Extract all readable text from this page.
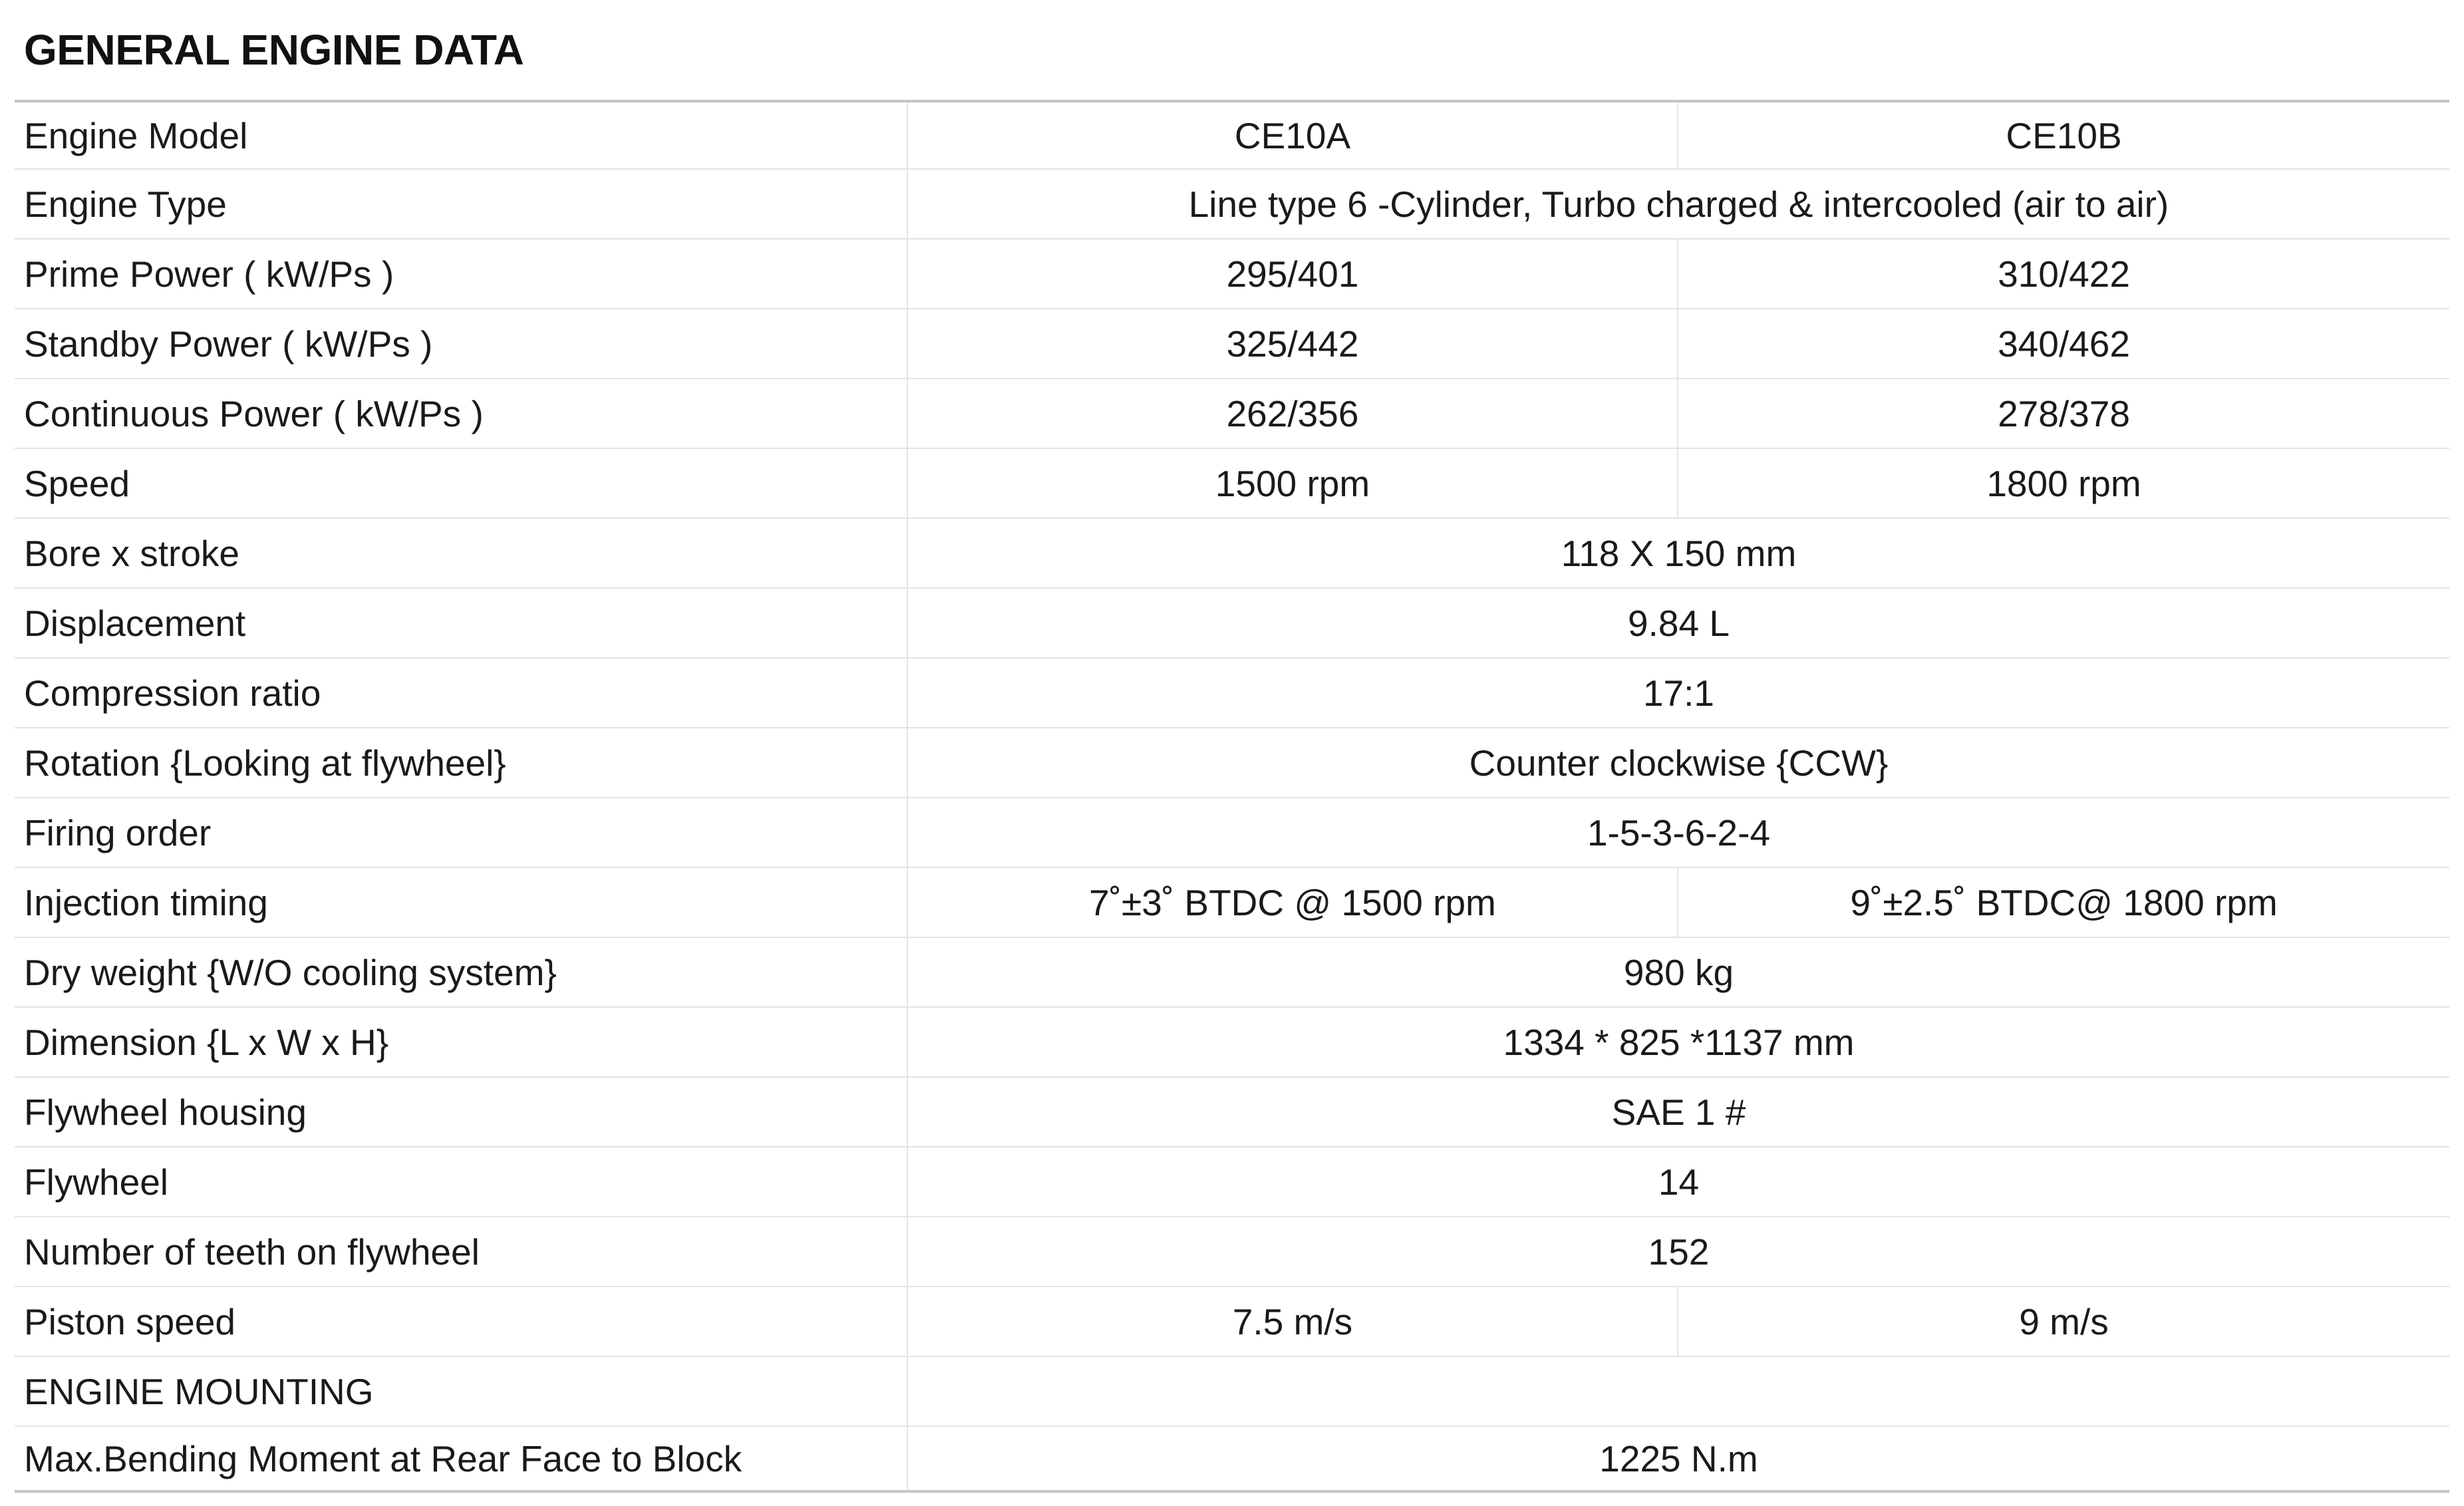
GENERAL ENGINE DATA
Engine Model	CE10A	CE10B
Engine Type	Line type 6 -Cylinder, Turbo charged & intercooled (air to air)	
Prime Power ( kW/Ps )	295/401	310/422
Standby Power ( kW/Ps )	325/442	340/462
Continuous Power ( kW/Ps )	262/356	278/378
Speed	1500 rpm	1800 rpm
Bore x stroke	118 X 150 mm	
Displacement	9.84 L	
Compression ratio	17:1	
Rotation {Looking at flywheel}	Counter clockwise {CCW}	
Firing order	1-5-3-6-2-4	
Injection timing	7˚±3˚ BTDC @ 1500 rpm	9˚±2.5˚ BTDC@ 1800 rpm
Dry weight {W/O cooling system}	980 kg	
Dimension {L x W x H}	1334 * 825 *1137 mm	
Flywheel housing	SAE 1 #	
Flywheel	14	
Number of teeth on flywheel	152	
Piston speed	7.5 m/s	9 m/s
ENGINE MOUNTING		
Max.Bending Moment at Rear Face to Block	1225 N.m	
